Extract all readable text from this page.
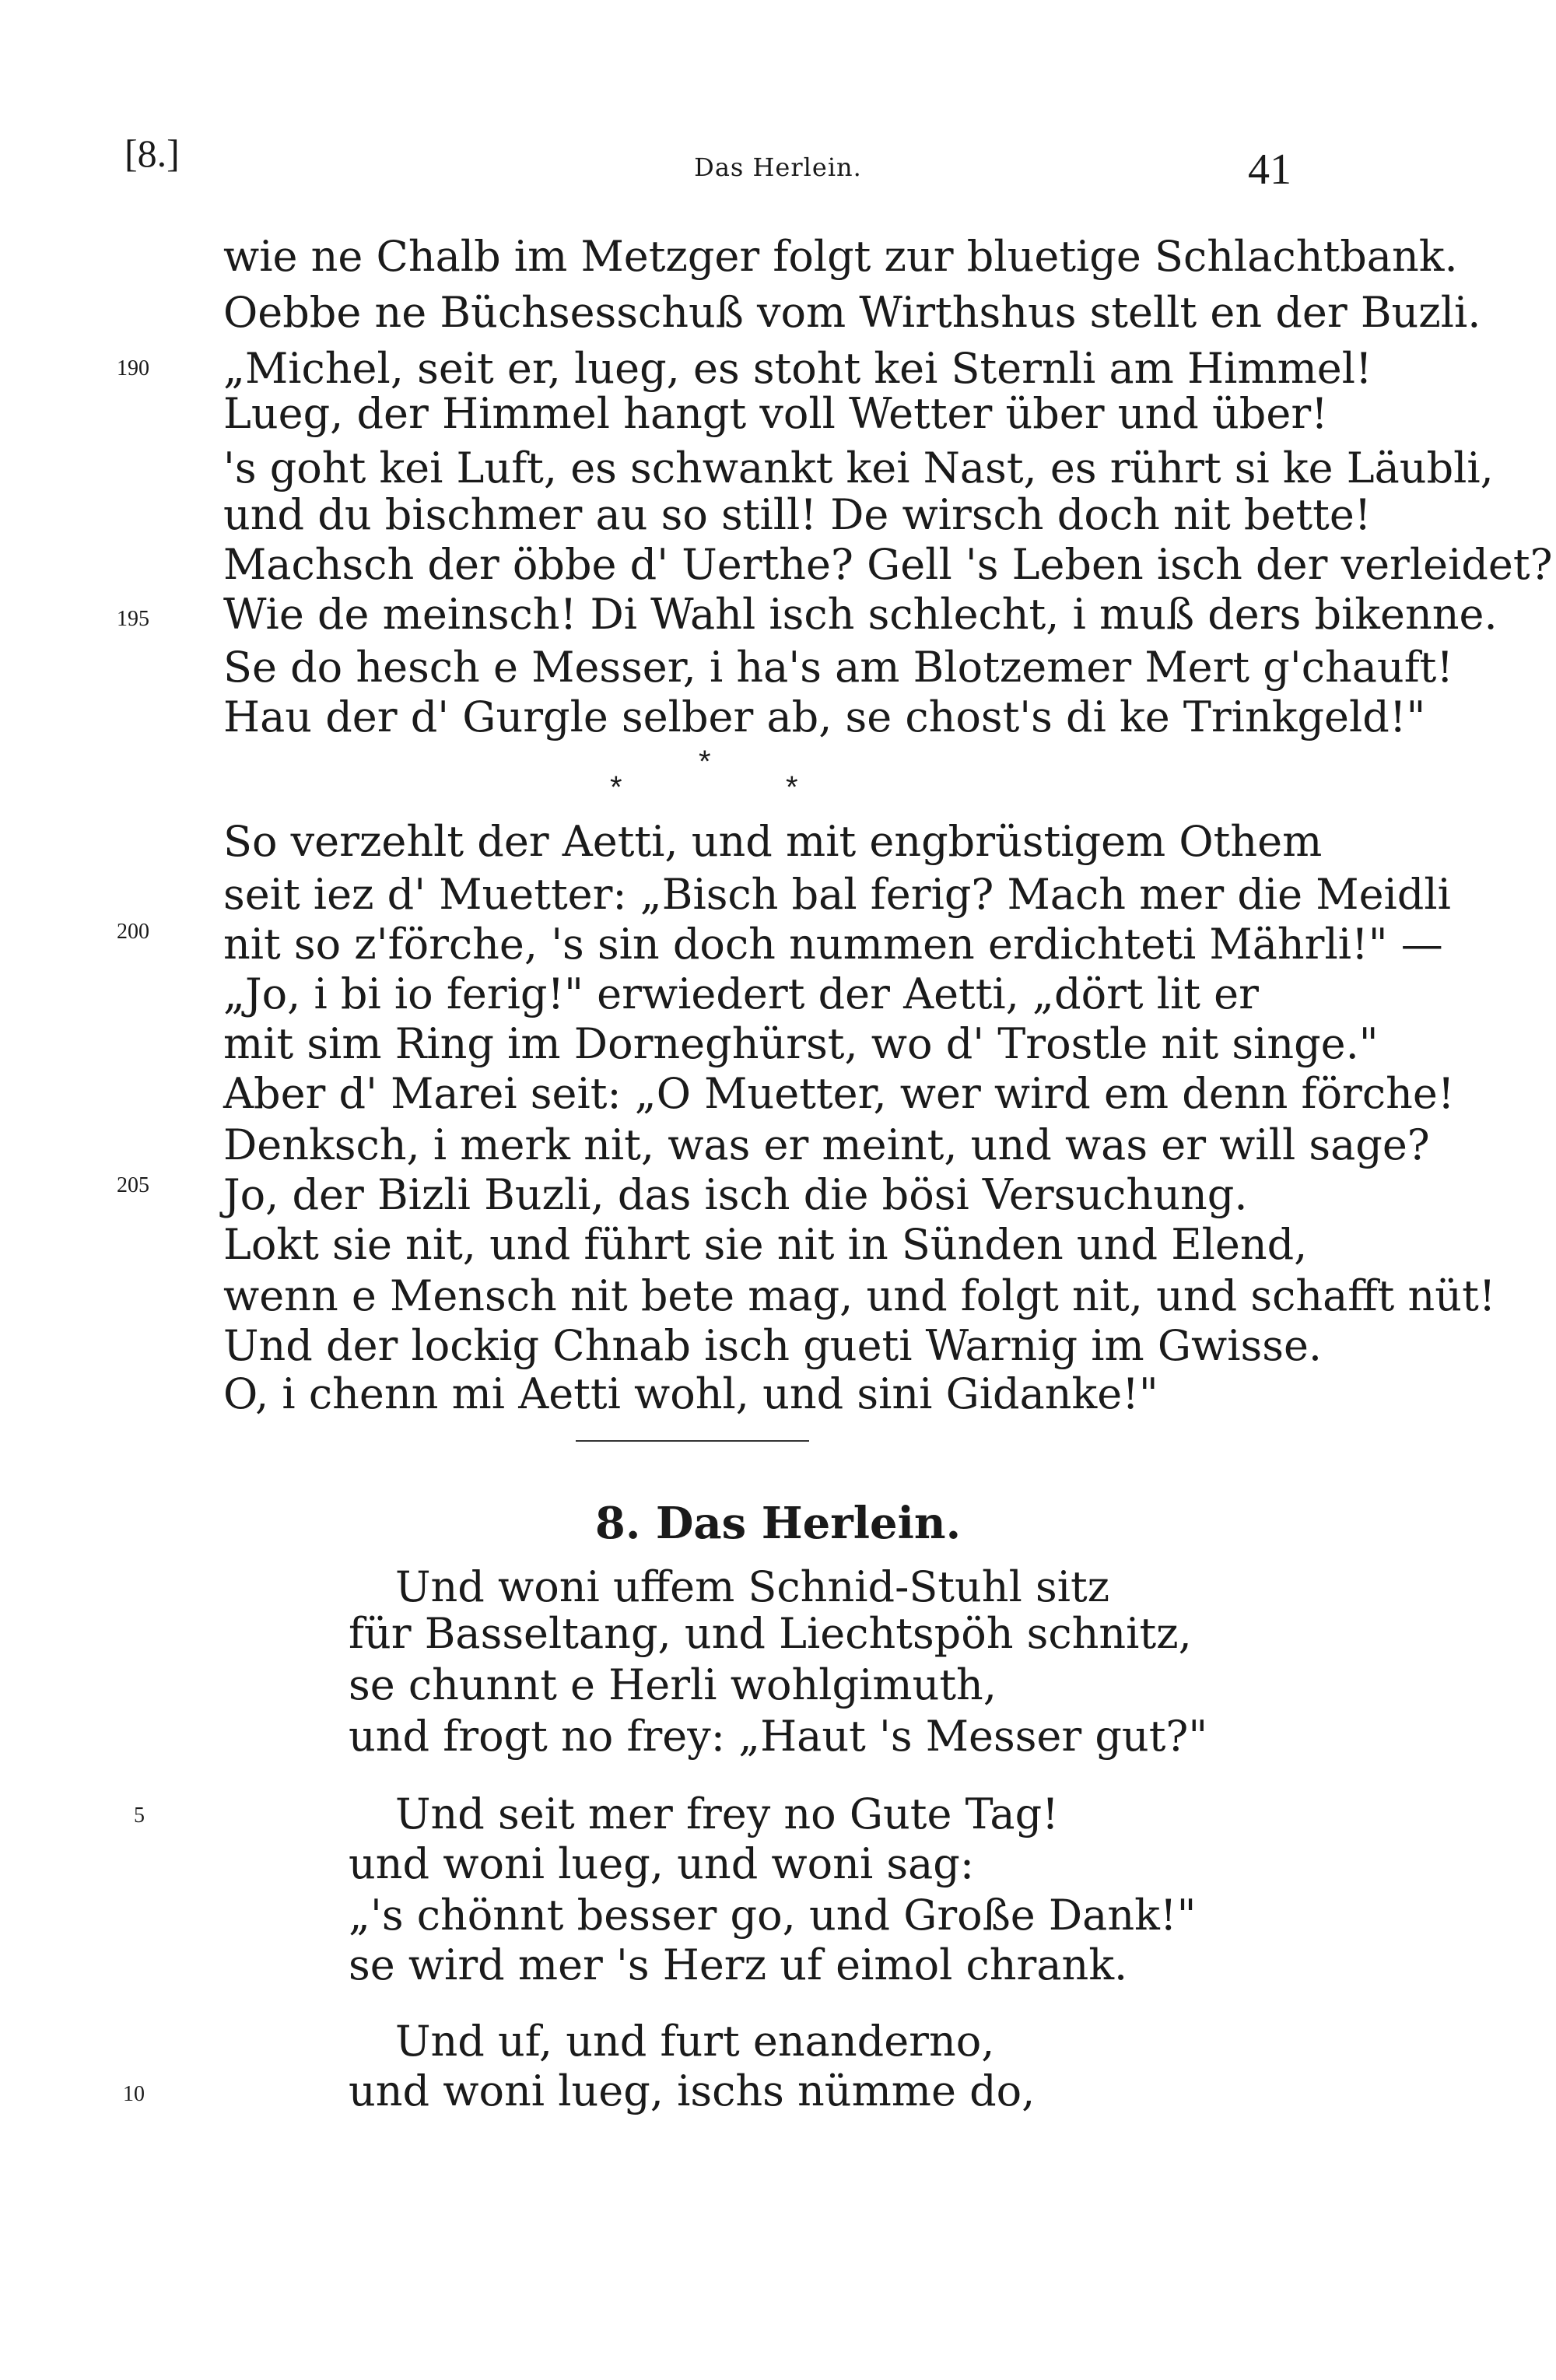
[8.]	Das Herlein.	41
wie ne Chalb im Metzger folgt zur bluetige Schlachtbank.
Oebbe ne Büchsesschuß vom Wirthshus stellt en der Buzli.
„Michel, seit er, lueg, es stoht kei Sternli am Himmel!
Lueg, der Himmel hangt voll Wetter über und über!
's goht kei Luft, es schwankt kei Nast, es rührt si ke Läubli,
und du bischmer au so still! De wirsch doch nit bette!
Machsch der öbbe d' Uerthe? Gell 's Leben isch der verleidet?
Wie de meinsch! Di Wahl isch schlecht, i muß ders bikenne.
Se do hesch e Messer, i ha's am Blotzemer Mert g'chauft!
Hau der d' Gurgle selber ab, se chost's di ke Trinkgeld!"
190
195
*
*	*
So verzehlt der Aetti, und mit engbrüstigem Othem
seit iez d' Muetter: „Bisch bal ferig? Mach mer die Meidli
nit so z'förche, 's sin doch nummen erdichteti Mährli!" —
„Jo, i bi io ferig!" erwiedert der Aetti, „dört lit er
mit sim Ring im Dorneghürst, wo d' Trostle nit singe."
Aber d' Marei seit: „O Muetter, wer wird em denn förche!
Denksch, i merk nit, was er meint, und was er will sage?
Jo, der Bizli Buzli, das isch die bösi Versuchung.
Lokt sie nit, und führt sie nit in Sünden und Elend,
wenn e Mensch nit bete mag, und folgt nit, und schafft nüt!
Und der lockig Chnab isch gueti Warnig im Gwisse.
O, i chenn mi Aetti wohl, und sini Gidanke!"
200
205
8. Das Herlein.
Und woni uffem Schnid-Stuhl sitz
für Basseltang, und Liechtspöh schnitz,
se chunnt e Herli wohlgimuth,
und frogt no frey: „Haut 's Messer gut?"
Und seit mer frey no Gute Tag!
und woni lueg, und woni sag:
„'s chönnt besser go, und Große Dank!"
se wird mer 's Herz uf eimol chrank.
Und uf, und furt enanderno,
und woni lueg, ischs nümme do,
5
10
